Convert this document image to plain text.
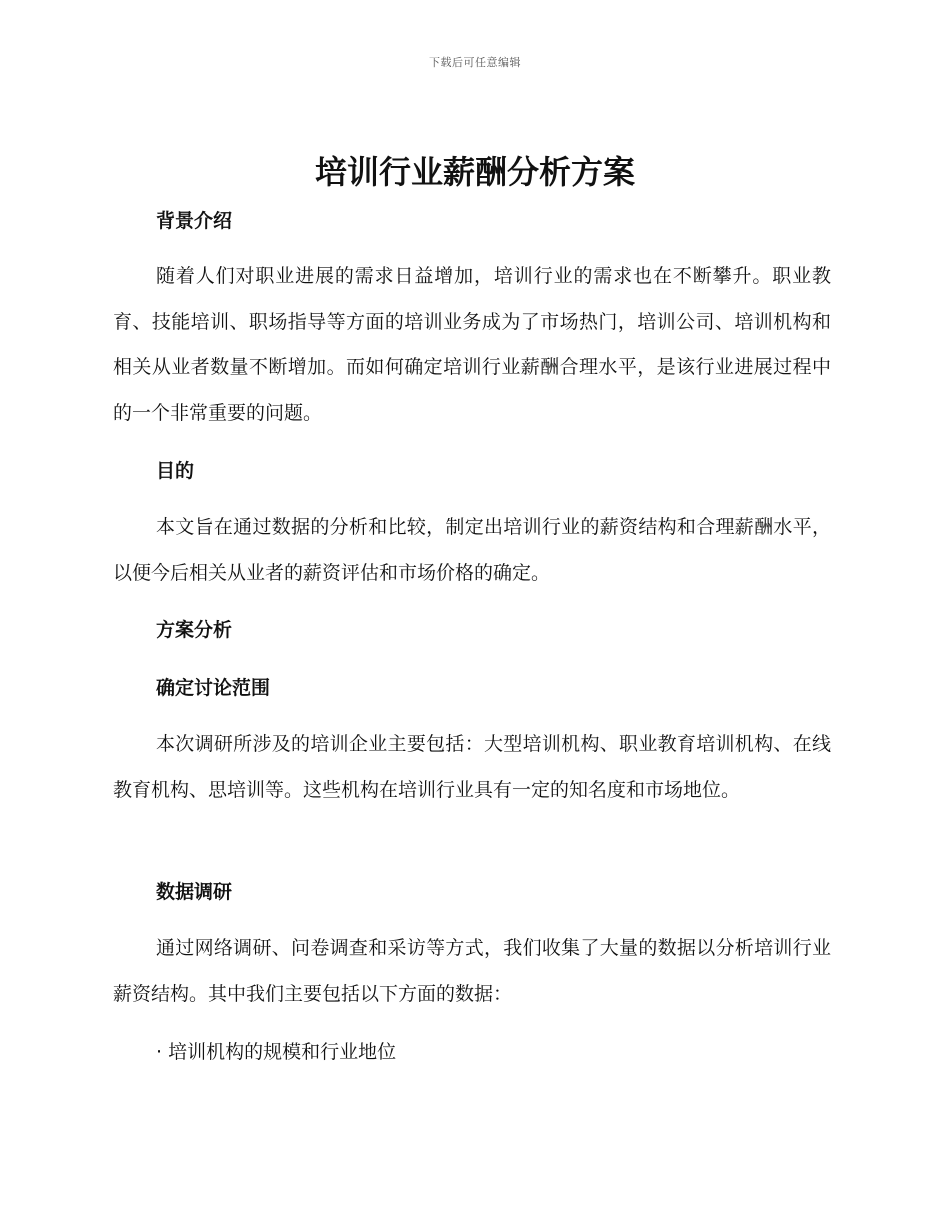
下载后可任意编辑
培训行业薪酬分析方案
背景介绍

随着人们对职业进展的需求日益增加，培训行业的需求也在不断攀升。职业教育、技能培训、职场指导等方面的培训业务成为了市场热门，培训公司、培训机构和相关从业者数量不断增加。而如何确定培训行业薪酬合理水平，是该行业进展过程中的一个非常重要的问题。

目的

本文旨在通过数据的分析和比较，制定出培训行业的薪资结构和合理薪酬水平，以便今后相关从业者的薪资评估和市场价格的确定。

方案分析
确定讨论范围

本次调研所涉及的培训企业主要包括：大型培训机构、职业教育培训机构、在线教育机构、思培训等。这些机构在培训行业具有一定的知名度和市场地位。

数据调研

通过网络调研、问卷调查和采访等方式，我们收集了大量的数据以分析培训行业薪资结构。其中我们主要包括以下方面的数据：

· 培训机构的规模和行业地位
